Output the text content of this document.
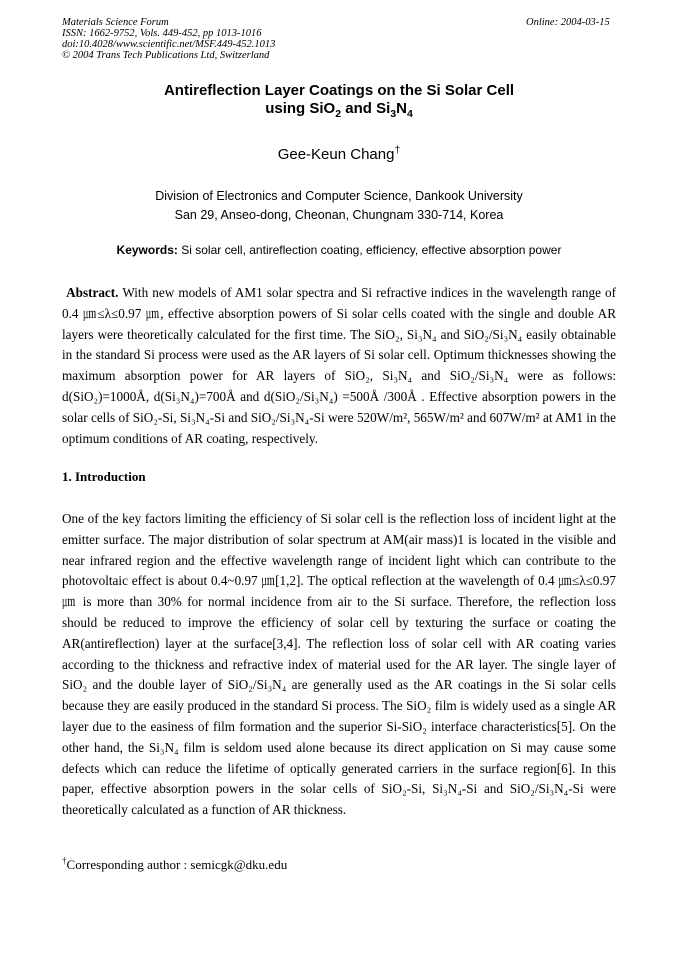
Materials Science Forum
ISSN: 1662-9752, Vols. 449-452, pp 1013-1016
doi:10.4028/www.scientific.net/MSF.449-452.1013
© 2004 Trans Tech Publications Ltd, Switzerland
Online: 2004-03-15
Antireflection Layer Coatings on the Si Solar Cell
using SiO$_2$ and $Si_3N_4$
Gee-Keun Chang†
Division of Electronics and Computer Science, Dankook University
San 29, Anseo-dong, Cheonan, Chungnam 330-714, Korea
Keywords: Si solar cell, antireflection coating, efficiency, effective absorption power
Abstract. With new models of AM1 solar spectra and Si refractive indices in the wavelength range of 0.4 ㎛≤λ≤0.97 ㎛, effective absorption powers of Si solar cells coated with the single and double AR layers were theoretically calculated for the first time. The SiO₂, Si₃N₄ and SiO₂/Si₃N₄ easily obtainable in the standard Si process were used as the AR layers of Si solar cell. Optimum thicknesses showing the maximum absorption power for AR layers of SiO₂, Si₃N₄ and SiO₂/Si₃N₄ were as follows: d(SiO₂)=1000Å, d(Si₃N₄)=700Å and d(SiO₂/Si₃N₄) =500Å /300Å . Effective absorption powers in the solar cells of SiO₂-Si, Si₃N₄-Si and SiO₂/Si₃N₄-Si were 520W/m², 565W/m² and 607W/m² at AM1 in the optimum conditions of AR coating, respectively.
1. Introduction
One of the key factors limiting the efficiency of Si solar cell is the reflection loss of incident light at the emitter surface. The major distribution of solar spectrum at AM(air mass)1 is located in the visible and near infrared region and the effective wavelength range of incident light which can contribute to the photovoltaic effect is about 0.4~0.97 ㎛[1,2]. The optical reflection at the wavelength of 0.4 ㎛≤λ≤0.97 ㎛ is more than 30% for normal incidence from air to the Si surface. Therefore, the reflection loss should be reduced to improve the efficiency of solar cell by texturing the surface or coating the AR(antireflection) layer at the surface[3,4]. The reflection loss of solar cell with AR coating varies according to the thickness and refractive index of material used for the AR layer. The single layer of SiO₂ and the double layer of SiO₂/Si₃N₄ are generally used as the AR coatings in the Si solar cells because they are easily produced in the standard Si process. The SiO₂ film is widely used as a single AR layer due to the easiness of film formation and the superior Si-SiO₂ interface characteristics[5]. On the other hand, the Si₃N₄ film is seldom used alone because its direct application on Si may cause some defects which can reduce the lifetime of optically generated carriers in the surface region[6]. In this paper, effective absorption powers in the solar cells of SiO₂-Si, Si₃N₄-Si and SiO₂/Si₃N₄-Si were theoretically calculated as a function of AR thickness.
†Corresponding author : semicgk@dku.edu
